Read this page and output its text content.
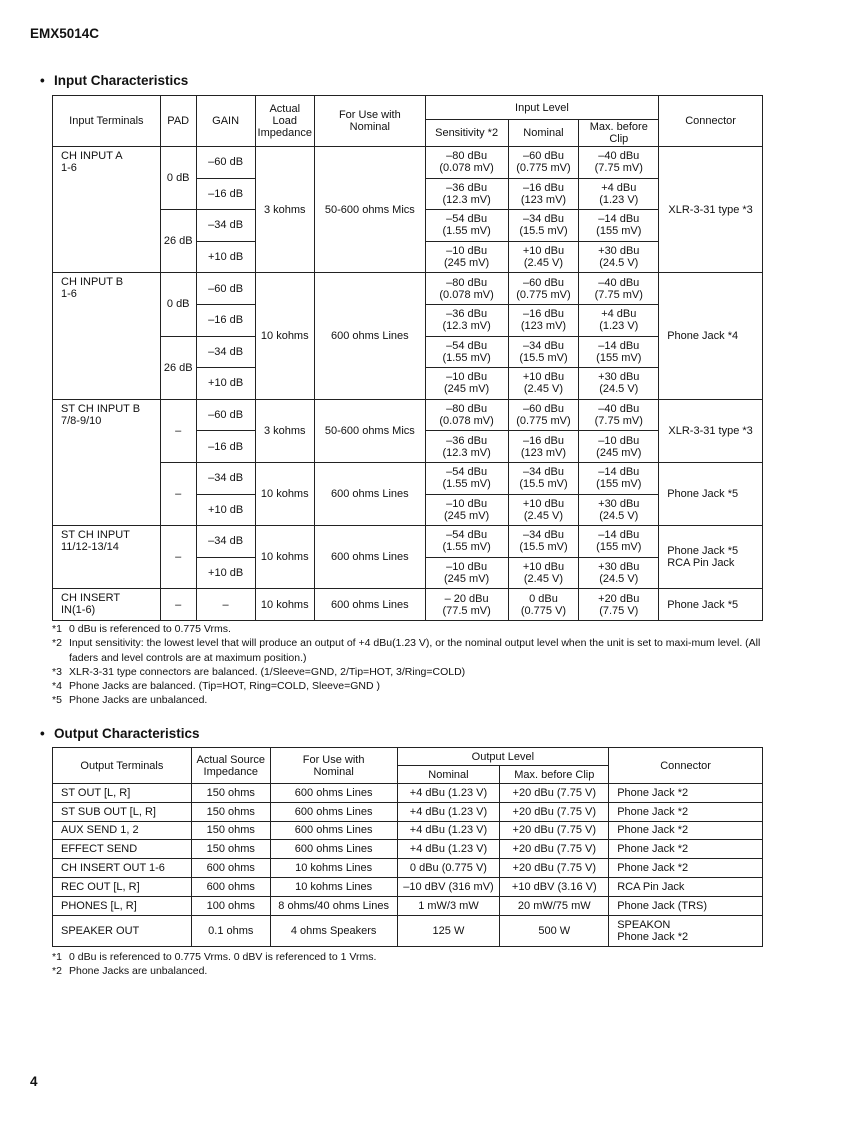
EMX5014C
• Input Characteristics
Input Terminals	PAD	GAIN	Actual
Load
Impedance	For Use with
Nominal	Input Level			Connector
					Sensitivity *2	Nominal	Max. before
Clip	

CH INPUT A
1-6	0 dB	–60 dB	3 kohms	50-600 ohms Mics	–80 dBu
(0.078 mV)	–60 dBu
(0.775 mV)	–40 dBu
(7.75 mV)	XLR-3-31 type *3
		–16 dB			–36 dBu
(12.3 mV)	–16 dBu
(123 mV)	+4 dBu
(1.23 V)	

	26 dB	–34 dB			–54 dBu
(1.55 mV)	–34 dBu
(15.5 mV)	–14 dBu
(155 mV)	

		+10 dB			–10 dBu
(245 mV)	+10 dBu
(2.45 V)	+30 dBu
(24.5 V)	

CH INPUT B
1-6	0 dB	–60 dB	10 kohms	600 ohms Lines	–80 dBu
(0.078 mV)	–60 dBu
(0.775 mV)	–40 dBu
(7.75 mV)	Phone Jack *4
		–16 dB			–36 dBu
(12.3 mV)	–16 dBu
(123 mV)	+4 dBu
(1.23 V)	

	26 dB	–34 dB			–54 dBu
(1.55 mV)	–34 dBu
(15.5 mV)	–14 dBu
(155 mV)	

		+10 dB			–10 dBu
(245 mV)	+10 dBu
(2.45 V)	+30 dBu
(24.5 V)	

ST CH INPUT B
7/8-9/10	–	–60 dB	3 kohms	50-600 ohms Mics	–80 dBu
(0.078 mV)	–60 dBu
(0.775 mV)	–40 dBu
(7.75 mV)	XLR-3-31 type *3
		–16 dB			–36 dBu
(12.3 mV)	–16 dBu
(123 mV)	–10 dBu
(245 mV)	

	–	–34 dB	10 kohms	600 ohms Lines	–54 dBu
(1.55 mV)	–34 dBu
(15.5 mV)	–14 dBu
(155 mV)	Phone Jack *5
		+10 dB			–10 dBu
(245 mV)	+10 dBu
(2.45 V)	+30 dBu
(24.5 V)	

ST CH INPUT
11/12-13/14	–	–34 dB	10 kohms	600 ohms Lines	–54 dBu
(1.55 mV)	–34 dBu
(15.5 mV)	–14 dBu
(155 mV)	Phone Jack *5
RCA Pin Jack

		+10 dB			–10 dBu
(245 mV)	+10 dBu
(2.45 V)	+30 dBu
(24.5 V)	

CH INSERT
IN(1-6)	–	–	10 kohms	600 ohms Lines	– 20 dBu
(77.5 mV)	0 dBu
(0.775 V)	+20 dBu
(7.75 V)	Phone Jack *5
*1 0 dBu is referenced to 0.775 Vrms.
*2 Input sensitivity: the lowest level that will produce an output of +4 dBu(1.23 V), or the nominal output level when the unit is set to maxi-mum level. (All faders and level controls are at maximum position.)
*3 XLR-3-31 type connectors are balanced. (1/Sleeve=GND, 2/Tip=HOT, 3/Ring=COLD)
*4 Phone Jacks are balanced. (Tip=HOT, Ring=COLD, Sleeve=GND )
*5 Phone Jacks are unbalanced.
• Output Characteristics
Output Terminals	Actual Source
Impedance	For Use with
Nominal	Output Level		Connector
			Nominal	Max. before Clip	
ST OUT [L, R]	150 ohms	600 ohms Lines	+4 dBu (1.23 V)	+20 dBu (7.75 V)	Phone Jack *2
ST SUB OUT [L, R]	150 ohms	600 ohms Lines	+4 dBu (1.23 V)	+20 dBu (7.75 V)	Phone Jack *2
AUX SEND 1, 2	150 ohms	600 ohms Lines	+4 dBu (1.23 V)	+20 dBu (7.75 V)	Phone Jack *2
EFFECT SEND	150 ohms	600 ohms Lines	+4 dBu (1.23 V)	+20 dBu (7.75 V)	Phone Jack *2
CH INSERT OUT 1-6	600 ohms	10 kohms Lines	0 dBu (0.775 V)	+20 dBu (7.75 V)	Phone Jack *2
REC OUT [L, R]	600 ohms	10 kohms Lines	–10 dBV (316 mV)	+10 dBV (3.16 V)	RCA Pin Jack
PHONES [L, R]	100 ohms	8 ohms/40 ohms Lines	1 mW/3 mW	20 mW/75 mW	Phone Jack (TRS)
SPEAKER OUT	0.1 ohms	4 ohms Speakers	125 W	500 W	SPEAKON
Phone Jack *2
*1 0 dBu is referenced to 0.775 Vrms. 0 dBV is referenced to 1 Vrms.
*2 Phone Jacks are unbalanced.
4
